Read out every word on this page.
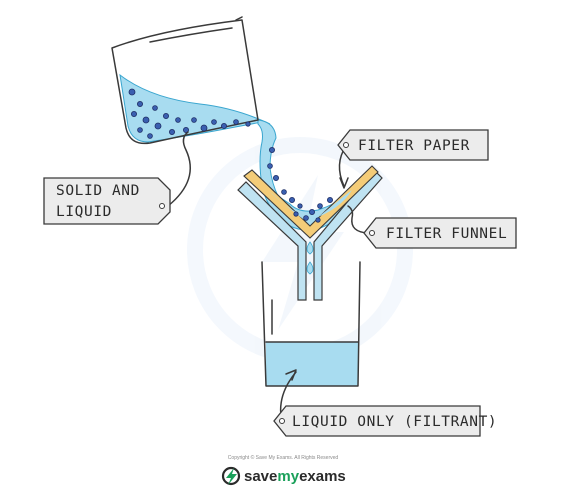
SOLID AND
LIQUID
FILTER PAPER
FILTER FUNNEL
LIQUID ONLY (FILTRANT)
Copyright © Save My Exams. All Rights Reserved
savemyexams
